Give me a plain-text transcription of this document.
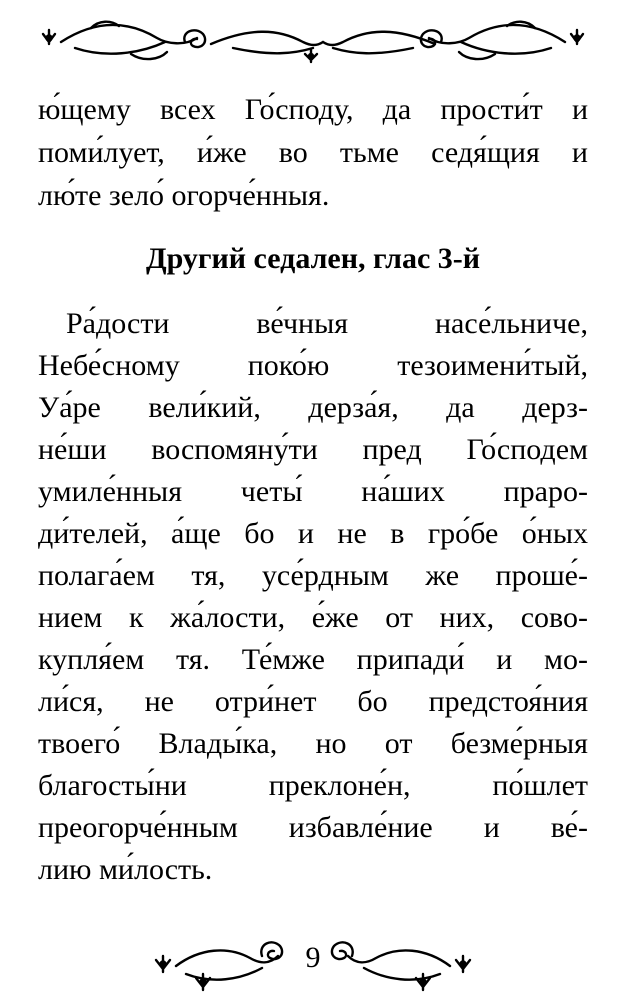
ю́щему всех Го́споду, да прости́т и
поми́лует, и́же во тьме седя́щия и
лю́те зело́ огорче́нныя.
Другий седален, глас 3-й
Ра́дости ве́чныя насе́льниче,
Небе́сному поко́ю тезоимени́тый,
Уа́ре вели́кий, дерза́я, да дерз-
не́ши воспомяну́ти пред Го́сподем
умиле́нныя четы́ на́ших праро-
ди́телей, а́ще бо и не в гро́бе о́ных
полага́ем тя, усе́рдным же проше́-
нием к жа́лости, е́же от них, сово-
купля́ем тя. Те́мже припади́ и мо-
ли́ся, не отри́нет бо предстоя́ния
твоего́ Влады́ка, но от безме́рныя
благосты́ни преклоне́н, по́шлет
преогорче́нным избавле́ние и ве́-
лию ми́лость.
9
